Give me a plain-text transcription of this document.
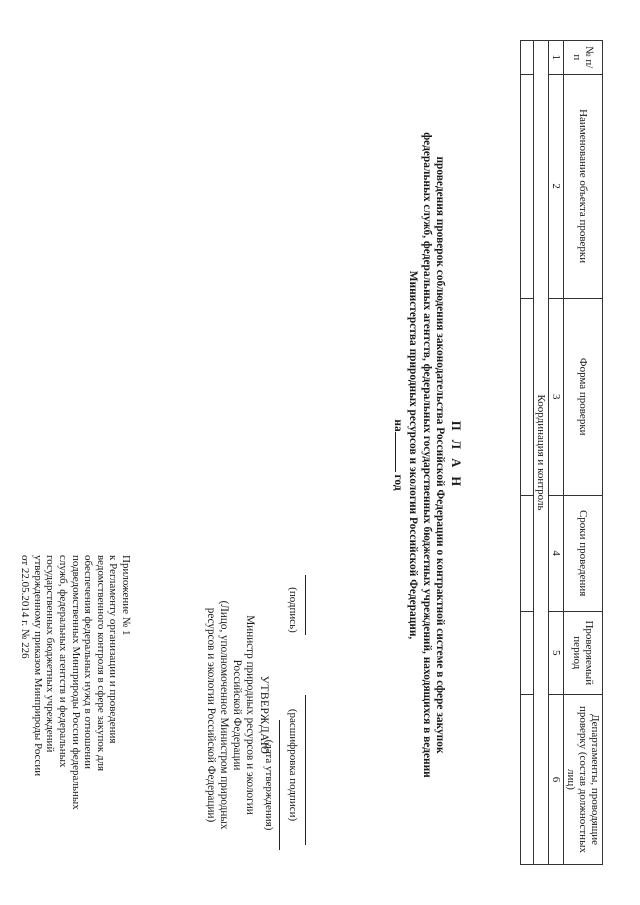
Приложение № 1
к Регламенту организации и проведения
ведомственного контроля в сфере закупок для
обеспечения федеральных нужд в отношении
подведомственных Минприроды России федеральных
служб, федеральных агентств и федеральных
государственных бюджетных учреждений
утвержденному приказом Минприроды России
от 22.05.2014 г. № 226
УТВЕРЖДАЮ
Министр природных ресурсов и экологии
Российской Федерации
(Лицо, уполномоченное Министром природных
ресурсов и экологии Российской Федерации)	(подпись)
(расшифровка подписи)
(дата утверждения)
П Л А Н
проведения проверок соблюдения законодательства Российской Федерации о контрактной системе в сфере закупок
федеральных служб, федеральных агентств, федеральных государственных бюджетных учреждений, находящихся в ведении
Министерства природных ресурсов и экологии Российской Федерации,
на год
№ п/п	Наименование объекта проверки	Форма проверки	Сроки проведения	Проверяемый период	Департаменты, проводящие проверку (состав должностных лиц)
1	2	3	4	5	6
Координация и контроль					
